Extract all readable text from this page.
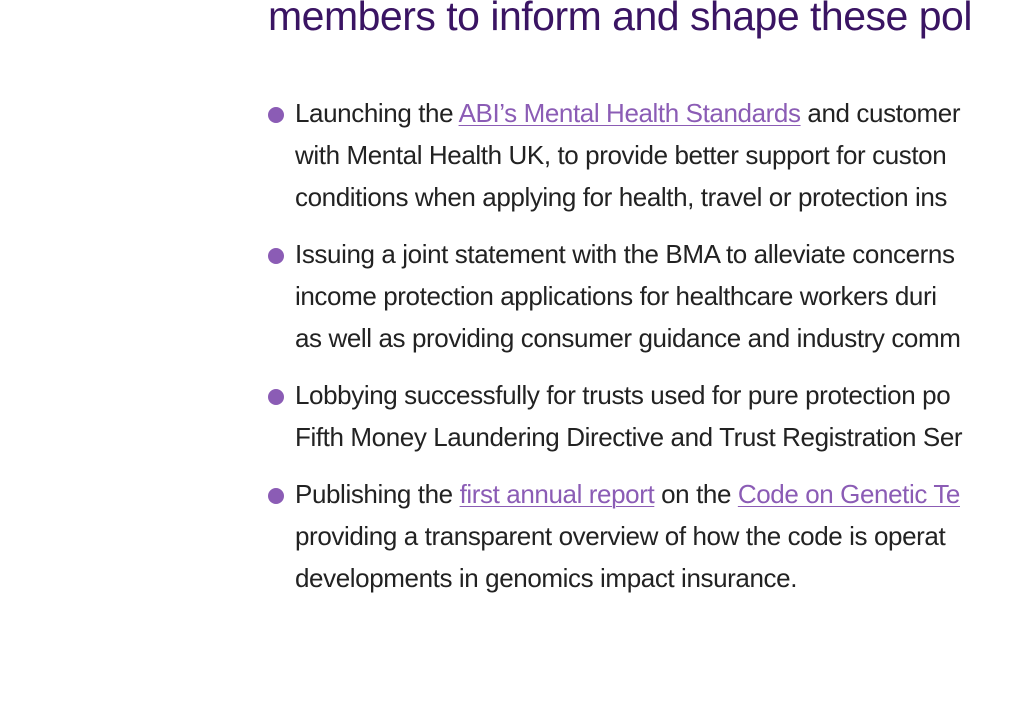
members to inform and shape these pol
Launching the ABI’s Mental Health Standards and customer
with Mental Health UK, to provide better support for custon
conditions when applying for health, travel or protection ins
Issuing a joint statement with the BMA to alleviate concerns
income protection applications for healthcare workers duri
as well as providing consumer guidance and industry comm
Lobbying successfully for trusts used for pure protection po
Fifth Money Laundering Directive and Trust Registration Ser
Publishing the first annual report on the Code on Genetic Te
providing a transparent overview of how the code is operat
developments in genomics impact insurance.
